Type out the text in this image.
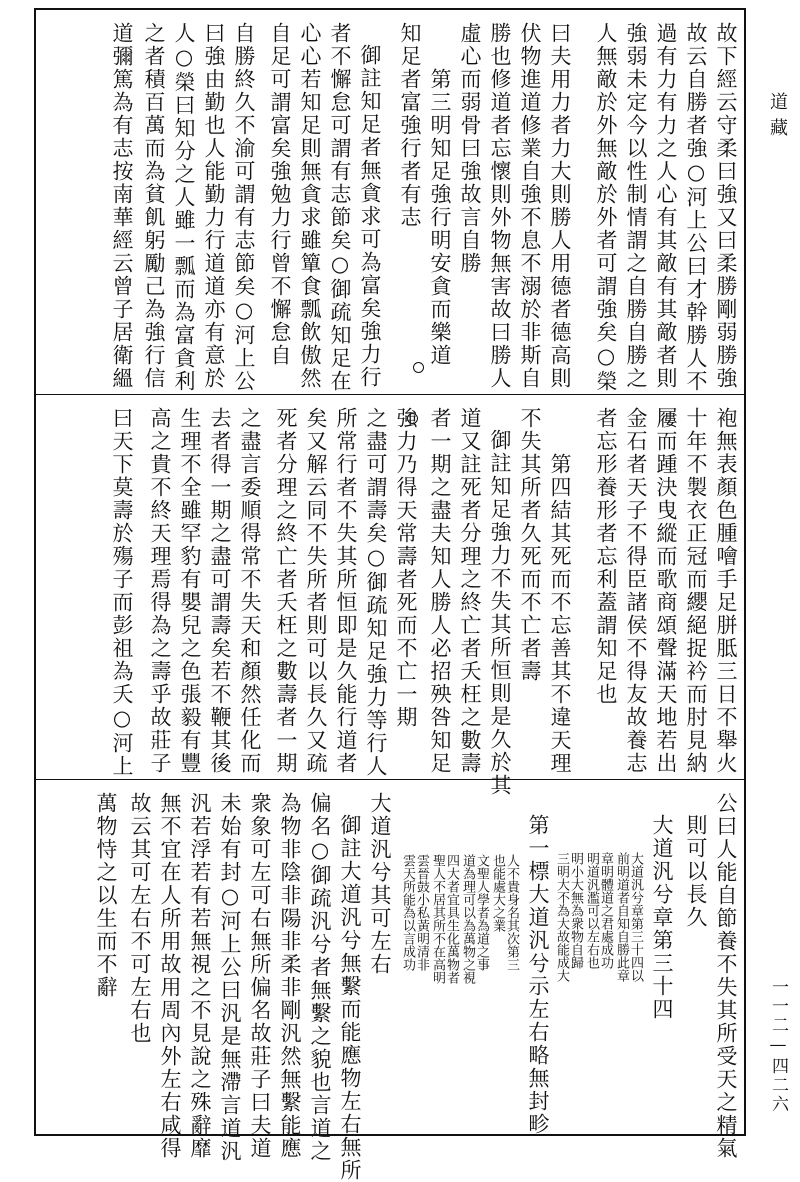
故下經云守柔曰強又曰柔勝剛弱勝強
故云自勝者強○河上公曰才幹勝人不
過有力有力之人心有其敵有其敵者則
強弱未定今以性制情謂之自勝自勝之
人無敵於外無敵於外者可謂強矣○榮
曰夫用力者力大則勝人用德者德高則
伏物進道修業自強不息不溺於非斯自
勝也修道者忘懷則外物無害故曰勝人
虛心而弱骨曰強故言自勝
第三明知足強行明安貪而樂道
知足者富強行者有志
御註知足者無貪求可為富矣強力行
者不懈怠可謂有志節矣○御疏知足在
心心若知足則無貪求雖簞食瓢飲傲然
自足可謂富矣強勉力行曾不懈怠自
自勝終久不渝可謂有志節矣○河上公
曰強由勤也人能勤力行道道亦有意於
人○榮曰知分之人雖一瓢而為富貪利
之者積百萬而為貧飢躬勵己為強行信
道彌篤為有志按南華經云曾子居衛縕
袍無表顏色腫噲手足胼胝三日不舉火
十年不製衣正冠而纓絕捉衿而肘見納
屨而踵決曳縱而歌商頌聲滿天地若出
金石者天子不得臣諸侯不得友故養志
者忘形養形者忘利蓋謂知足也
第四結其死而不忘善其不違天理
不失其所者久死而不亡者壽
御註知足強力不失其所恒則是久於其
道又註死者分理之終亡者夭枉之數壽
者一期之盡夫知人勝人必招殃咎知足
強力乃得天常壽者死而不亡一期
之盡可謂壽矣○御疏知足強力等行人
所常行者不失其所恒即是久能行道者
矣又解云同不失所者則可以長久又疏
死者分理之終亡者夭枉之數壽者一期
之盡言委順得常不失天和顏然任化而
去者得一期之盡可謂壽矣若不鞭其後
生理不全雖罕豹有嬰兒之色張毅有豐
高之貴不終天理焉得為之壽乎故莊子
曰天下莫壽於殤子而彭祖為夭○河上
公曰人能自節養不失其所受天之精氣
則可以長久
大道汎兮章第三十四
大道汎兮章第三十四以
前明道者自知自勝此章
章明體道之君處成功
明道汎濫可以左右也
明小大無為衆物自歸
三明大不為大故能成大
第一標大道汎兮示左右略無封畛
人不貴身名其次第三
也能處大之業
文聖人學者為道之事
道為理可以為萬物之視
四大者宜具生化萬物者
聖人不居其所不在高明
雲晉鼓小私黃明清非
雲天所能為以言成功
大道汎兮其可左右
御註大道汎兮無繫而能應物左右無所
偏名○御疏汎兮者無繫之貌也言道之
為物非陰非陽非柔非剛汎然無繫能應
衆象可左可右無所偏名故莊子曰夫道
未始有封○河上公曰汎是無滯言道汎
汎若浮若有若無視之不見說之殊辭靡
無不宜在人所用故用周內外左右咸得
故云其可左右不可左右也
萬物恃之以生而不辭
道藏
一一二—四二六
